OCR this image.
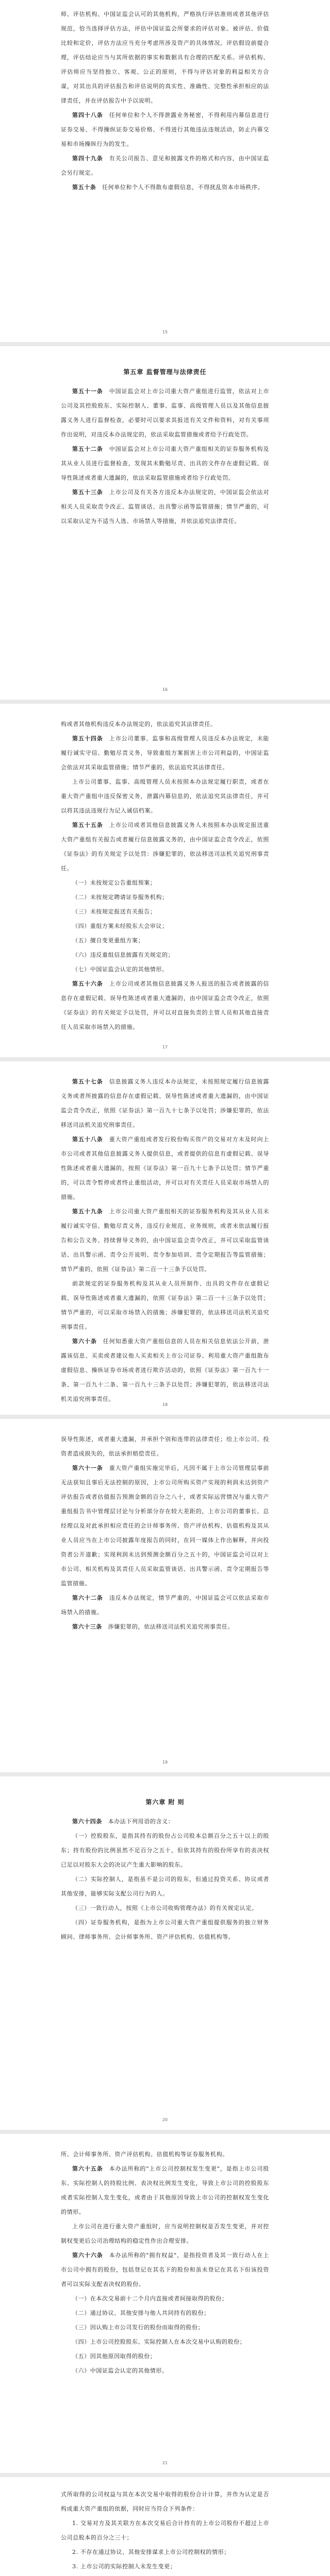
师、评估机构、中国证监会认可的其他机构，严格执行评估准则或者其他评估规范，恰当选择评估方法，评估中国证监会所要求的评估对象。被评估、价值比较和定价，评估方法应当充分考虑所涉及资产的具体情况。评估假设前提合理，评估结论应当与其所依据的事实和数据具有合理的匹配关系。评估机构、评估师应当坚持独立、客观、公正的原则，不得与评估对象的利益相关方合谋，对其出具的评估报告和评估说明的真实性、准确性、完整性承担相应的法律责任，并在评估报告中予以说明。

第四十八条　 任何单位和个人不得泄露业务秘密，不得利用内幕信息进行证券交易、不得操纵证券交易价格、不得进行其他违法违规活动，防止内幕交易和市场操纵行为的发生。

第四十九条　 有关公司报告、意见和披露文件的格式和内容，由中国证监会另行规定。

第五十条　 任何单位和个人不得散布虚假信息，不得扰乱资本市场秩序。

15
第五章 监督管理与法律责任

第五十一条　 中国证监会对上市公司重大资产重组进行监管，依法对上市公司及其控股股东、实际控制人、董事、监事、高级管理人员以及其他信息披露义务人进行监督检查，必要时可以要求其报送有关文件和资料，对有关事项作出说明，对违反本办法规定的，依法采取监管措施或者给予行政处罚。

第五十二条　 中国证监会对上市公司重大资产重组相关的证券服务机构及其从业人员进行监督检查，发现其未勤勉尽责、出具的文件存在虚假记载、误导性陈述或者重大遗漏的，依法采取监管措施或者给予行政处罚。

第五十三条　 上市公司及有关各方违反本办法规定的，中国证监会依法对相关人员采取责令改正、监管谈话、出具警示函等监管措施；情节严重的，可以采取认定为不适当人选、市场禁入等措施，并依法追究法律责任。

16

构或者其他机构违反本办法规定的，依法追究其法律责任。

第五十四条　 上市公司董事、监事和高级管理人员违反本办法规定，未能履行诚实守信、勤勉尽责义务，导致重组方案损害上市公司利益的，中国证监会依法对其采取监管措施；情节严重的，依法追究其法律责任。

上市公司董事、监事、高级管理人员未按照本办法规定履行职责，或者在重大资产重组中违反保密义务，泄露内幕信息的，依法追究其法律责任，并可以将其违法违规行为记入诚信档案。

第五十五条　 上市公司或者其他信息披露义务人未按照本办法规定报送重大资产重组有关报告或者履行信息披露义务的，由中国证监会责令改正，依照《证券法》的有关规定予以处罚：涉嫌犯罪的，依法移送司法机关追究刑事责任。

（一）未按规定公告重组预案；

（二）未按规定聘请证券服务机构；

（三）未按规定报送有关报告；

（四）重组方案未经股东大会审议；

（五）擅自变更重组方案；

（六）违反重组信息披露有关规定的；

（七）中国证监会认定的其他情形。

第五十六条　 上市公司或者其他信息披露义务人报送的报告或者披露的信息存在虚假记载、误导性陈述或者重大遗漏的，由中国证监会责令改正，依照《证券法》的有关规定予以处罚，并可以对直接负责的主管人员和其他直接责任人员采取市场禁入的措施。

17

第五十七条　 信息披露义务人违反本办法规定，未按照规定履行信息披露义务或者所披露的信息存在虚假记载、误导性陈述或者重大遗漏的，由中国证监会责令改正，依照《证券法》第一百九十七条予以处罚；涉嫌犯罪的，依法移送司法机关追究刑事责任。

第五十八条　 重大资产重组或者发行股份购买资产的交易对方未及时向上市公司或者其他信息披露义务人提供信息，或者提供的信息有虚假记载、误导性陈述或者重大遗漏的，按照《证券法》第一百九十七条予以处罚；情节严重的，可以责令暂停或者终止重组活动，并可以对有关责任人员采取市场禁入的措施。

第五十九条　 上市公司重大资产重组相关的证券服务机构及其从业人员未履行诚实守信、勤勉尽责义务，违反行业规范、业务规则，或者未依法履行报告和公告义务、持续督导义务的，由中国证监会责令改正，并可以采取监管谈话、出具警示函、责令公开说明、责令参加培训、责令定期报告等监管措施；情节严重的，依照《证券法》第二百一十三条予以处罚。

前款规定的证券服务机构及其从业人员所制作、出具的文件存在虚假记载、误导性陈述或者重大遗漏的，依照《证券法》第二百一十三条予以处罚；情节严重的，可以采取市场禁入的措施；涉嫌犯罪的，依法移送司法机关追究刑事责任。

第六十条　 任何知悉重大资产重组信息的人员在相关信息依法公开前，泄露该信息、买卖或者建议他人买卖相关上市公司证券、利用重大资产重组散布虚假信息、操纵证券市场或者进行欺诈活动的，依照《证券法》第一百九十一条、第一百九十二条、第一百九十三条予以处罚；涉嫌犯罪的，依法移送司法机关追究刑事责任。

18

误导性陈述，或者重大遗漏，并承担个别和连带的法律责任；给上市公司、投资者造成损失的，依法承担赔偿责任。

第六十一条　 重大资产重组实施完毕后，凡因不属于上市公司管理层事前无法获知且事后无法控制的原因，上市公司所购买资产实现的利润未达到资产评估报告或者估值报告预测金额的百分之八十，或者实际运营情况与重大资产重组报告书中管理层讨论与分析部分存在较大差距的，上市公司的董事长、总经理以及对此承担相应责任的会计师事务所、资产评估机构、估值机构及其从业人员应当在上市公司披露年度报告的同时，在同一媒体上作出解释，并向投资者公开道歉；实现利润未达到预测金额百分之五十的，中国证监会可以对上市公司、相关机构及其责任人员采取监管谈话、出具警示函、责令定期报告等监管措施。

第六十二条　 违反本办法规定，情节严重的，中国证监会可以依法采取市场禁入的措施。

第六十三条　 涉嫌犯罪的，依法移送司法机关追究刑事责任。

19
第六章 附 则

第六十四条　 本办法下列用语的含义：

（一）控股股东，是指其持有的股份占公司股本总额百分之五十以上的股东；持有股份的比例虽然不足百分之五十，但依其持有的股份所享有的表决权已足以对股东大会的决议产生重大影响的股东。

（二）实际控制人，是指虽不是公司的股东，但通过投资关系、协议或者其他安排，能够实际支配公司行为的人。

（三）一致行动人，按照《上市公司收购管理办法》的有关规定认定。

（四）证券服务机构，是指为上市公司重大资产重组提供服务的独立财务顾问、律师事务所、会计师事务所、资产评估机构、估值机构等。

20

所、会计师事务所、资产评估机构、估值机构等证券服务机构。

第六十五条　 本办法所称的"上市公司控制权发生变更"，是指上市公司股东、实际控制人的持股比例、表决权比例发生变化，导致上市公司的控股股东或者实际控制人发生变化，或者由于其他原因导致上市公司的控制权发生变化的情形。

上市公司在进行重大资产重组时，应当说明控制权是否发生变更，并对控制权变更后公司治理结构的稳定性作出合理安排。

第六十六条　 本办法所称的"拥有权益"，是指投资者及其一致行动人在上市公司中拥有的股份，包括登记在其名下的股份和虽未登记在其名下但该投资者可以实际支配表决权的股份。

（一）在本次交易前十二个月内直接或者间接取得的股份；

（二）通过协议、其他安排与他人共同持有的股份；

（三）因认购上市公司发行的股份而取得的股份；

（四）上市公司控股股东、实际控制人在本次交易中认购的股份；

（五）因其他原因取得的股份；

（六）中国证监会认定的其他情形。

21

式所取得的公司权益与其在本次交易中取得的股份合计计算，并作为认定是否构成重大资产重组的依据，同时应当符合下列条件：

1. 交易对方及其关联方在本次交易后合计持有的上市公司股份不超过上市公司总股本的百分之三十；

2. 不存在通过协议、其他安排谋求上市公司控制权的情形；

3. 上市公司的实际控制人未发生变更；
